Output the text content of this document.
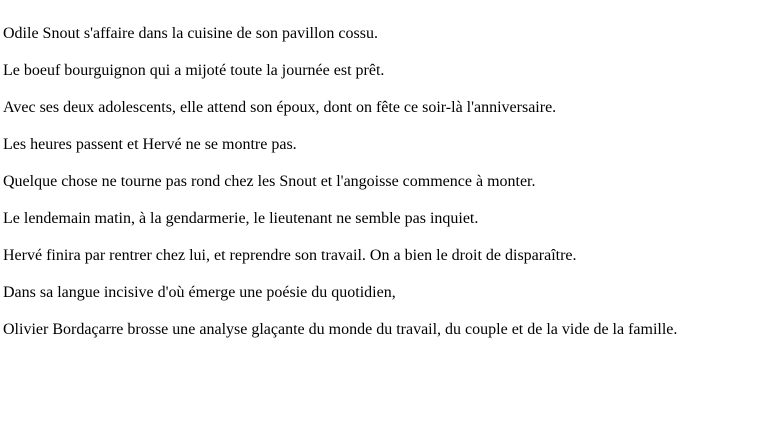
Odile Snout s'affaire dans la cuisine de son pavillon cossu.

Le boeuf bourguignon qui a mijoté toute la journée est prêt.

Avec ses deux adolescents, elle attend son époux, dont on fête ce soir-là l'anniversaire.

Les heures passent et Hervé ne se montre pas.

Quelque chose ne tourne pas rond chez les Snout et l'angoisse commence à monter.

Le lendemain matin, à la gendarmerie, le lieutenant ne semble pas inquiet.

Hervé finira par rentrer chez lui, et reprendre son travail. On a bien le droit de disparaître.

Dans sa langue incisive d'où émerge une poésie du quotidien,

Olivier Bordaçarre brosse une analyse glaçante du monde du travail, du couple et de la vide de la famille.
